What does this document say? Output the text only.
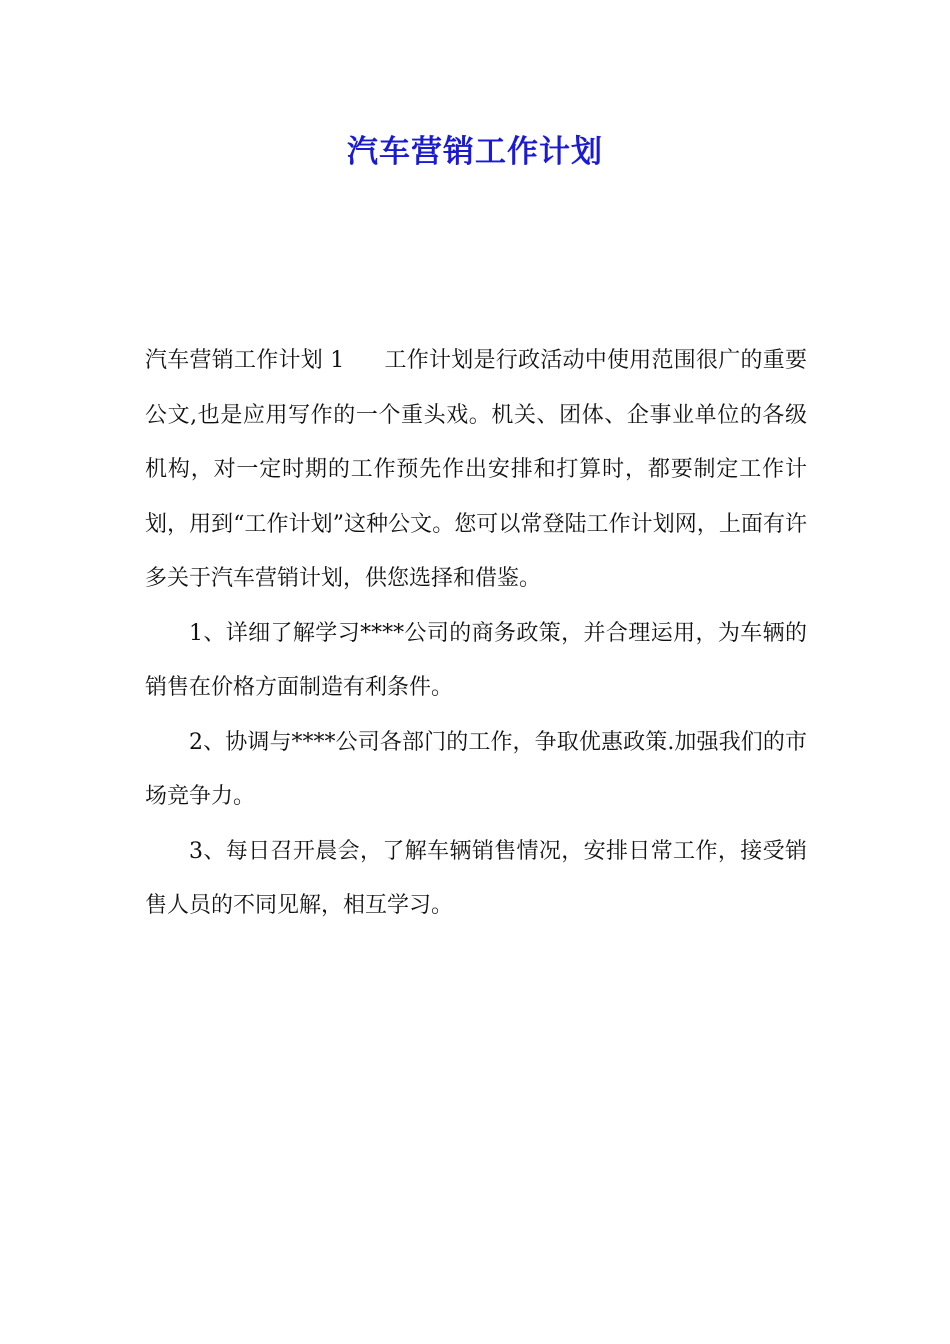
汽车营销工作计划

汽车营销工作计划 1 工作计划是行政活动中使用范围很广的重要公文,也是应用写作的一个重头戏。机关、团体、企事业单位的各级机构，对一定时期的工作预先作出安排和打算时，都要制定工作计划，用到“工作计划”这种公文。您可以常登陆工作计划网，上面有许多关于汽车营销计划，供您选择和借鉴。

1、详细了解学习****公司的商务政策，并合理运用，为车辆的销售在价格方面制造有利条件。

2、协调与****公司各部门的工作，争取优惠政策.加强我们的市场竞争力。

3、每日召开晨会，了解车辆销售情况，安排日常工作，接受销售人员的不同见解，相互学习。
